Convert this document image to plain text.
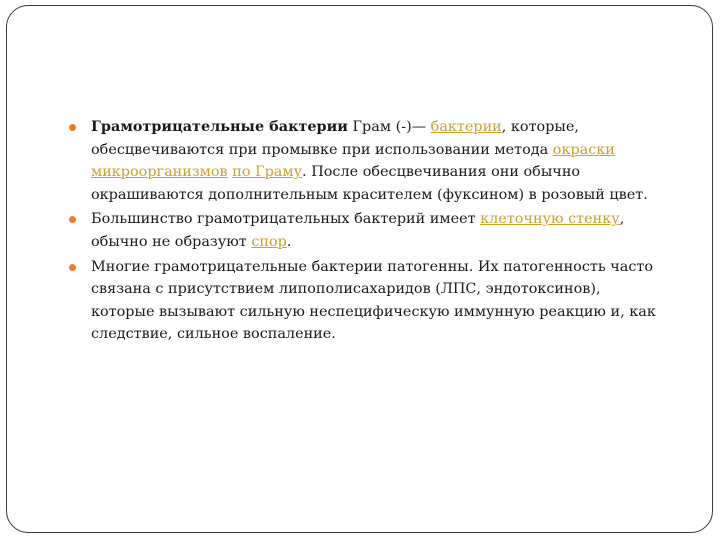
Грамотрицательные бактерии Грам (-)— бактерии, которые, обесцвечиваются при промывке при использовании метода окраски микроорганизмов по Граму. После обесцвечивания они обычно окрашиваются дополнительным красителем (фуксином) в розовый цвет.
Большинство грамотрицательных бактерий имеет клеточную стенку, обычно не образуют спор.
Многие грамотрицательные бактерии патогенны. Их патогенность часто связана с присутствием липополисахаридов (ЛПС, эндотоксинов), которые вызывают сильную неспецифическую иммунную реакцию и, как следствие, сильное воспаление.
